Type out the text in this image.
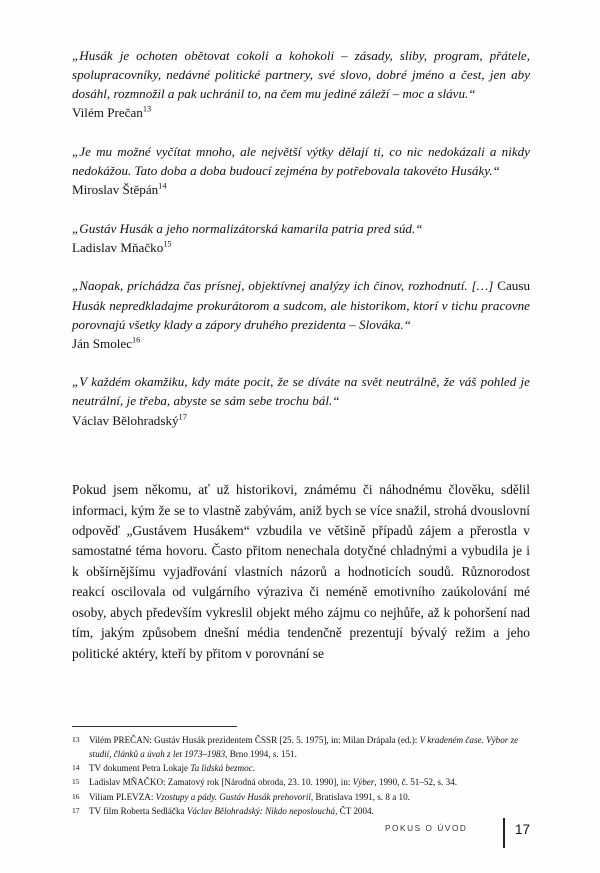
„Husák je ochoten obětovat cokoli a kohokoli – zásady, sliby, program, přátele, spolupracovníky, nedávné politické partnery, své slovo, dobré jméno a čest, jen aby dosáhl, rozmnožil a pak uchránil to, na čem mu jediné záleží – moc a slávu.“

Vilém Prečan$^{13}$

„Je mu možné vyčítat mnoho, ale největší výtky dělají ti, co nic nedokázali a nikdy nedokážou. Tato doba a doba budoucí zejména by potřebovala takovéto Husáky.“

Miroslav Štěpán$^{14}$

„Gustáv Husák a jeho normalizátorská kamarila patria pred súd.“

Ladislav Mňačko$^{15}$

„Naopak, prichádza čas prísnej, objektívnej analýzy ich činov, rozhodnutí. […] Causu Husák nepredkladajme prokurátorom a sudcom, ale historikom, ktorí v tichu pracovne porovnajú všetky klady a zápory druhého prezidenta – Slováka.“

Ján Smolec$^{16}$

„V každém okamžiku, kdy máte pocit, že se díváte na svět neutrálně, že váš pohled je neutrální, je třeba, abyste se sám sebe trochu bál.“

Václav Bělohradský$^{17}$

Pokud jsem někomu, ať už historikovi, známému či náhodnému člověku, sdělil informaci, kým že se to vlastně zabývám, aniž bych se více snažil, strohá dvouslovní odpověď „Gustávem Husákem“ vzbudila ve většině případů zájem a přerostla v samostatné téma hovoru. Často přitom nenechala dotyčné chladnými a vybudila je i k obšírnějšímu vyjadřování vlastních názorů a hodnoticích soudů. Různorodost reakcí oscilovala od vulgárního výraziva či neméně emotivního zaúkolování mé osoby, abych především vykreslil objekt mého zájmu co nejhůře, až k pohoršení nad tím, jakým způsobem dnešní média tendenčně prezentují bývalý režim a jeho politické aktéry, kteří by přitom v porovnání se

13	Vilém PREČAN: Gustáv Husák prezidentem ČSSR [25. 5. 1975], in: Milan Drápala (ed.): V kradeném čase. Výbor ze studií, článků a úvah z let 1973–1983, Brno 1994, s. 151.
14	TV dokument Petra Lokaje Ta lidská bezmoc.
15	Ladislav MŇAČKO: Zamatový rok [Národná obroda, 23. 10. 1990], in: Výber, 1990, č. 51–52, s. 34.
16	Viliam PLEVZA: Vzostupy a pády. Gustáv Husák prehovoril, Bratislava 1991, s. 8 a 10.
17	TV film Roberta Sedláčka Václav Bělohradský: Nikdo neposlouchá, ČT 2004.
POKUS O ÚVOD	17
